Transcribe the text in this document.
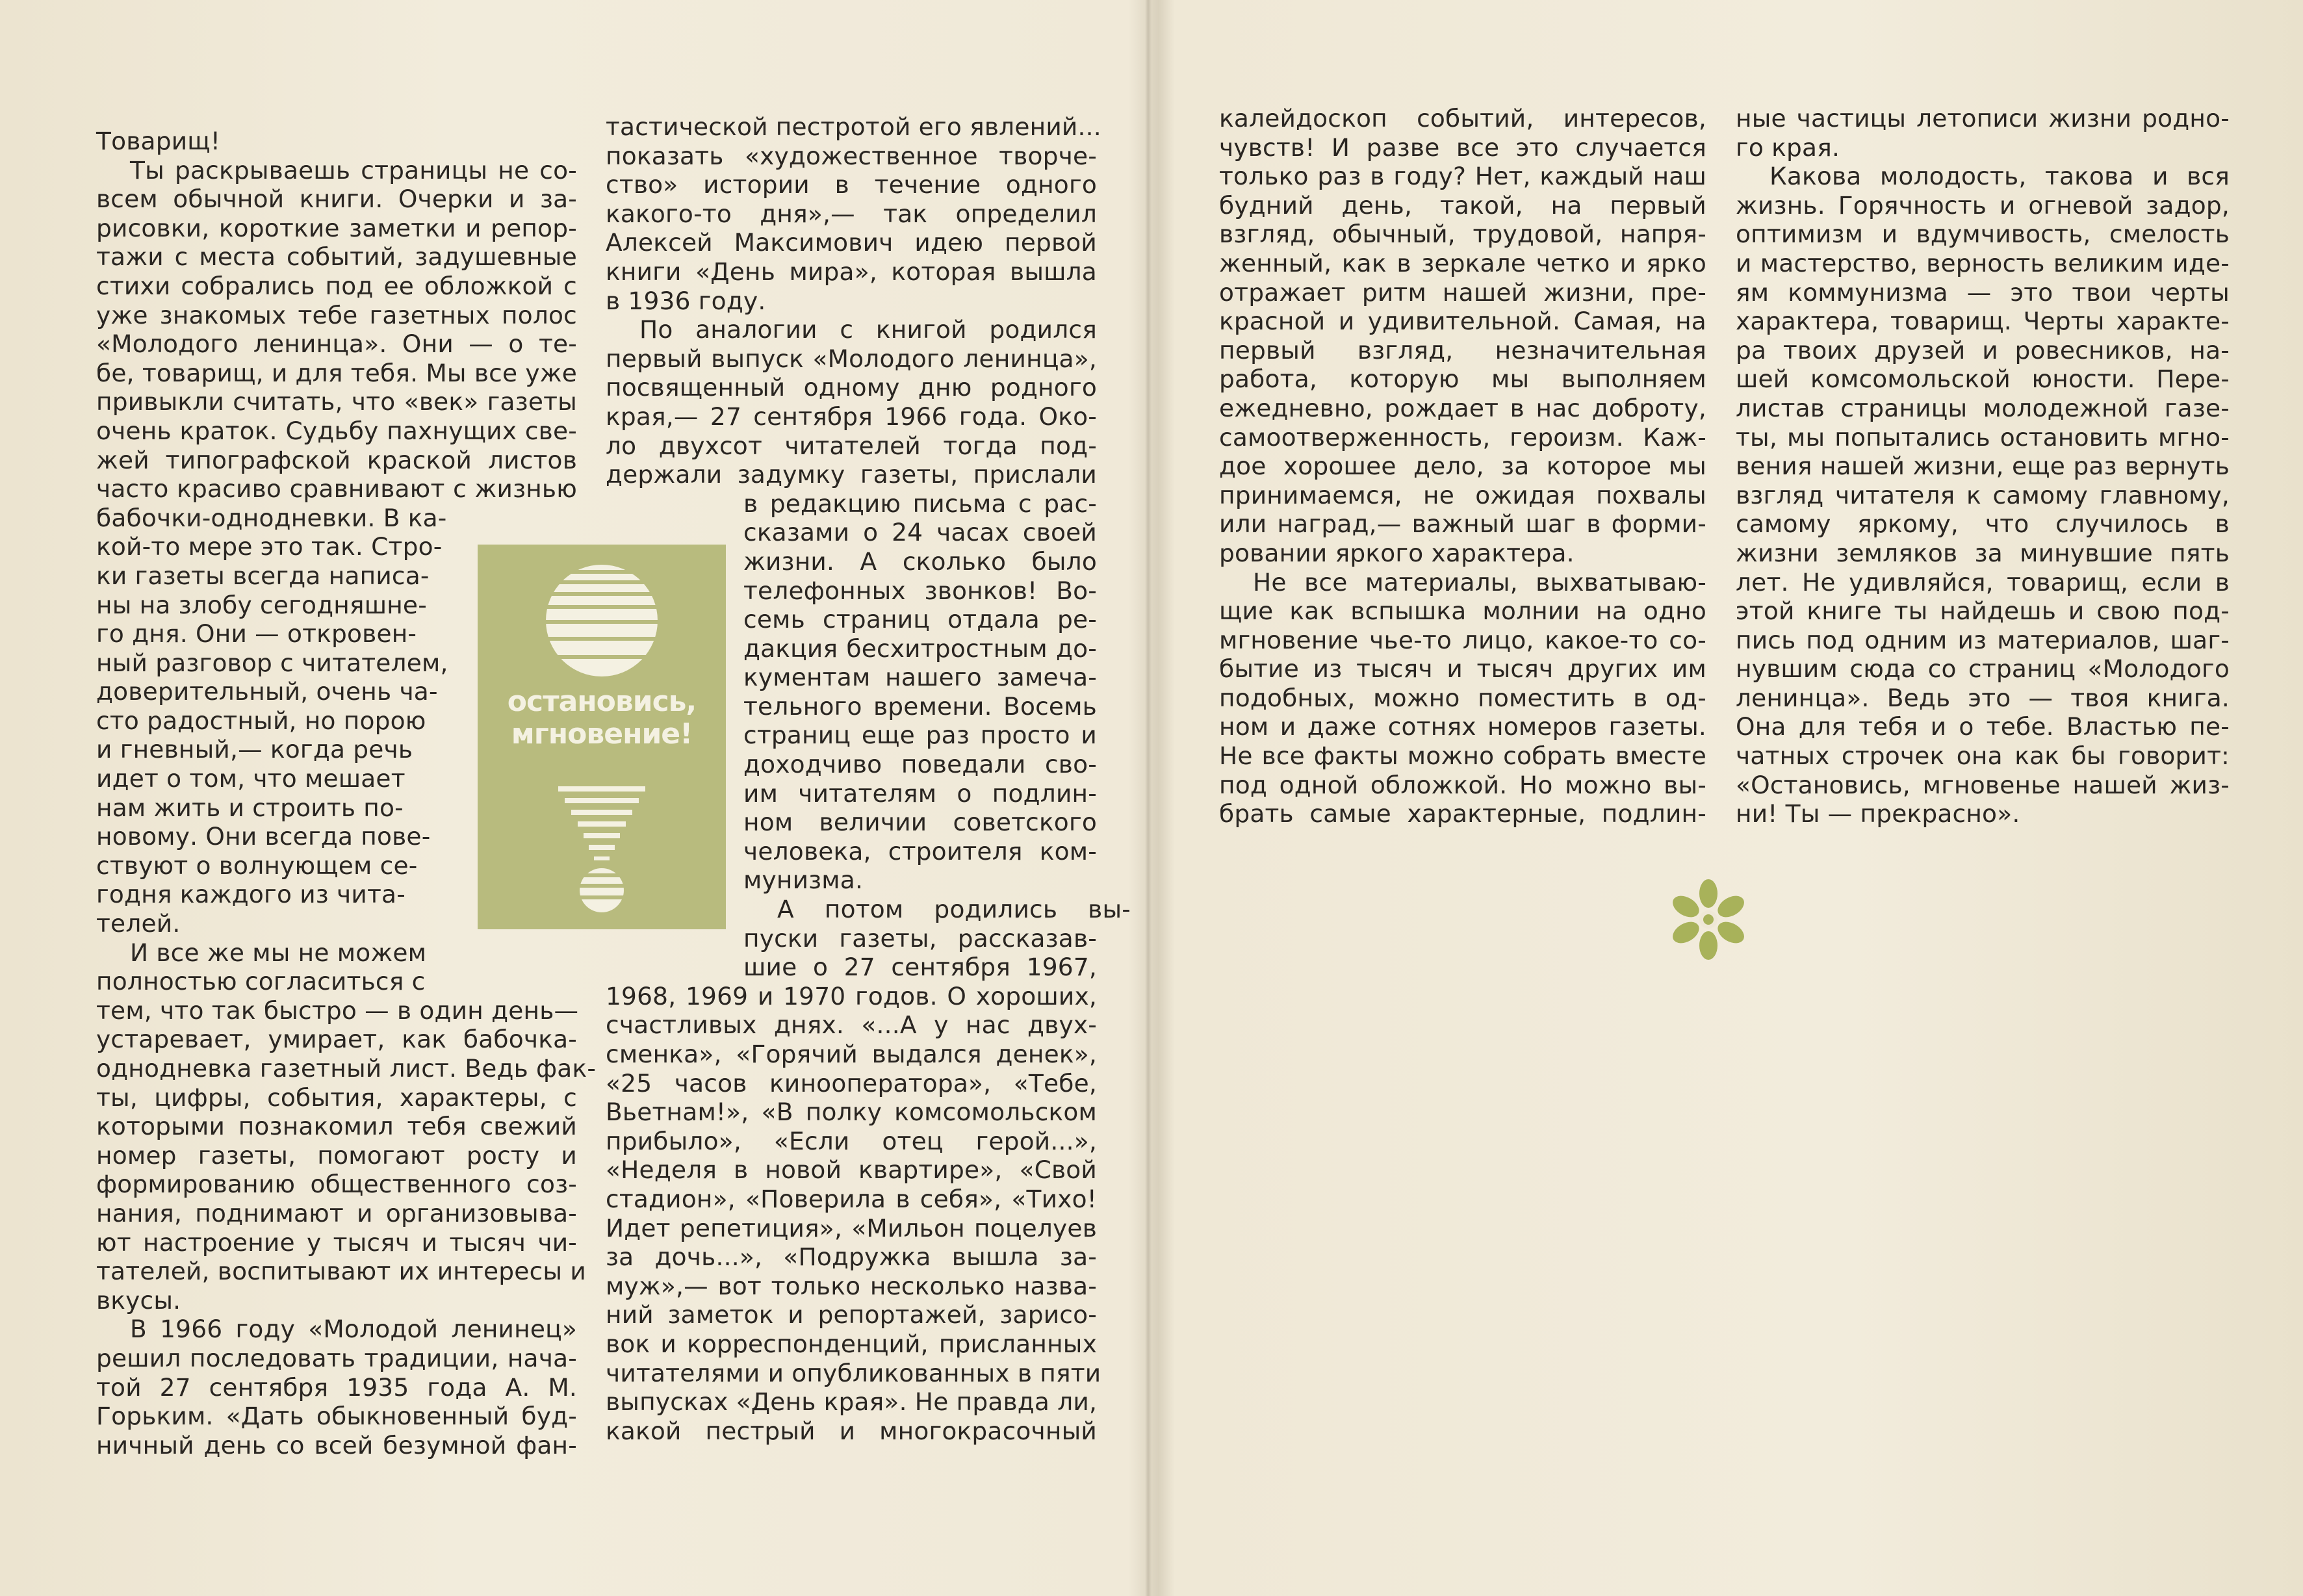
Товарищ!
Ты раскрываешь страницы не со-
всем обычной книги. Очерки и за-
рисовки, короткие заметки и репор-
тажи с места событий, задушевные
стихи собрались под ее обложкой с
уже знакомых тебе газетных полос
«Молодого ленинца». Они — о те-
бе, товарищ, и для тебя. Мы все уже
привыкли считать, что «век» газеты
очень краток. Судьбу пахнущих све-
жей типографской краской листов
часто красиво сравнивают с жизнью
бабочки-однодневки. В ка-
кой-то мере это так. Стро-
ки газеты всегда написа-
ны на злобу сегодняшне-
го дня. Они — откровен-
ный разговор с читателем,
доверительный, очень ча-
сто радостный, но порою
и гневный,— когда речь
идет о том, что мешает
нам жить и строить по-
новому. Они всегда пове-
ствуют о волнующем се-
годня каждого из чита-
телей.
И все же мы не можем
полностью согласиться с
тем, что так быстро — в один день—
устаревает, умирает, как бабочка-
однодневка газетный лист. Ведь фак-
ты, цифры, события, характеры, с
которыми познакомил тебя свежий
номер газеты, помогают росту и
формированию общественного соз-
нания, поднимают и организовыва-
ют настроение у тысяч и тысяч чи-
тателей, воспитывают их интересы и
вкусы.
В 1966 году «Молодой ленинец»
решил последовать традиции, нача-
той 27 сентября 1935 года А. М.
Горьким. «Дать обыкновенный буд-
ничный день со всей безумной фан-
тастической пестротой его явлений...
показать «художественное творче-
ство» истории в течение одного
какого-то дня»,— так определил
Алексей Максимович идею первой
книги «День мира», которая вышла
в 1936 году.
По аналогии с книгой родился
первый выпуск «Молодого ленинца»,
посвященный одному дню родного
края,— 27 сентября 1966 года. Око-
ло двухсот читателей тогда под-
держали задумку газеты, прислали
в редакцию письма с рас-
сказами о 24 часах своей
жизни. А сколько было
телефонных звонков! Во-
семь страниц отдала ре-
дакция бесхитростным до-
кументам нашего замеча-
тельного времени. Восемь
страниц еще раз просто и
доходчиво поведали сво-
им читателям о подлин-
ном величии советского
человека, строителя ком-
мунизма.
А потом родились вы-
пуски газеты, рассказав-
шие о 27 сентября 1967,
1968, 1969 и 1970 годов. О хороших,
счастливых днях. «...А у нас двух-
сменка», «Горячий выдался денек»,
«25 часов кинооператора», «Тебе,
Вьетнам!», «В полку комсомольском
прибыло», «Если отец герой...»,
«Неделя в новой квартире», «Свой
стадион», «Поверила в себя», «Тихо!
Идет репетиция», «Мильон поцелуев
за дочь...», «Подружка вышла за-
муж»,— вот только несколько назва-
ний заметок и репортажей, зарисо-
вок и корреспонденций, присланных
читателями и опубликованных в пяти
выпусках «День края». Не правда ли,
какой пестрый и многокрасочный
остановись,
мгновение!
калейдоскоп событий, интересов,
чувств! И разве все это случается
только раз в году? Нет, каждый наш
будний день, такой, на первый
взгляд, обычный, трудовой, напря-
женный, как в зеркале четко и ярко
отражает ритм нашей жизни, пре-
красной и удивительной. Самая, на
первый взгляд, незначительная
работа, которую мы выполняем
ежедневно, рождает в нас доброту,
самоотверженность, героизм. Каж-
дое хорошее дело, за которое мы
принимаемся, не ожидая похвалы
или наград,— важный шаг в форми-
ровании яркого характера.
Не все материалы, выхватываю-
щие как вспышка молнии на одно
мгновение чье-то лицо, какое-то со-
бытие из тысяч и тысяч других им
подобных, можно поместить в од-
ном и даже сотнях номеров газеты.
Не все факты можно собрать вместе
под одной обложкой. Но можно вы-
брать самые характерные, подлин-
ные частицы летописи жизни родно-
го края.
Какова молодость, такова и вся
жизнь. Горячность и огневой задор,
оптимизм и вдумчивость, смелость
и мастерство, верность великим иде-
ям коммунизма — это твои черты
характера, товарищ. Черты характе-
ра твоих друзей и ровесников, на-
шей комсомольской юности. Пере-
листав страницы молодежной газе-
ты, мы попытались остановить мгно-
вения нашей жизни, еще раз вернуть
взгляд читателя к самому главному,
самому яркому, что случилось в
жизни земляков за минувшие пять
лет. Не удивляйся, товарищ, если в
этой книге ты найдешь и свою под-
пись под одним из материалов, шаг-
нувшим сюда со страниц «Молодого
ленинца». Ведь это — твоя книга.
Она для тебя и о тебе. Властью пе-
чатных строчек она как бы говорит:
«Остановись, мгновенье нашей жиз-
ни! Ты — прекрасно».
